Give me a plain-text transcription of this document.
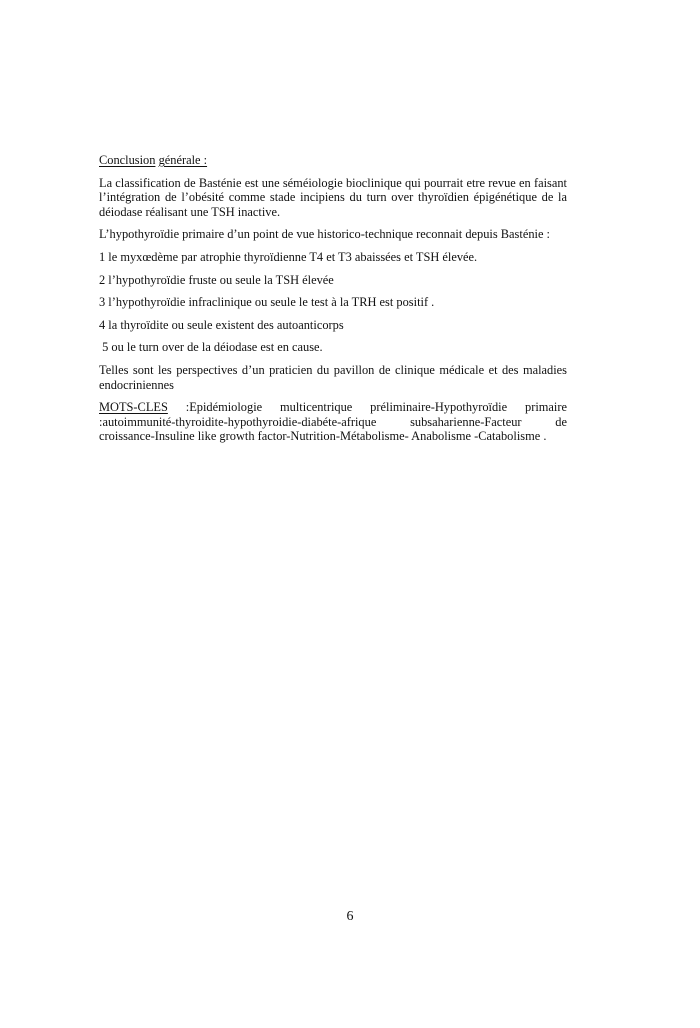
Conclusion générale :

La classification de Basténie est une séméiologie bioclinique qui pourrait etre revue en faisant l’intégration de l’obésité comme stade incipiens du turn over thyroïdien épigénétique de la déiodase réalisant une TSH inactive.

L’hypothyroïdie primaire d’un point de vue historico-technique reconnait depuis Basténie :

1 le myxœdème par atrophie thyroïdienne T4 et T3 abaissées et TSH élevée.

2 l’hypothyroïdie fruste ou seule la TSH élevée

3 l’hypothyroïdie infraclinique ou seule le test à la TRH est positif .

4 la thyroïdite ou seule existent des autoanticorps

5 ou le turn over de la déiodase est en cause.

Telles sont les perspectives d’un praticien du pavillon de clinique médicale et des maladies endocriniennes

MOTS-CLES :Epidémiologie multicentrique préliminaire-Hypothyroïdie primaire :autoimmunité-thyroidite-hypothyroidie-diabéte-afrique subsaharienne-Facteur de
croissance-Insuline like growth factor-Nutrition-Métabolisme- Anabolisme -Catabolisme .
6
